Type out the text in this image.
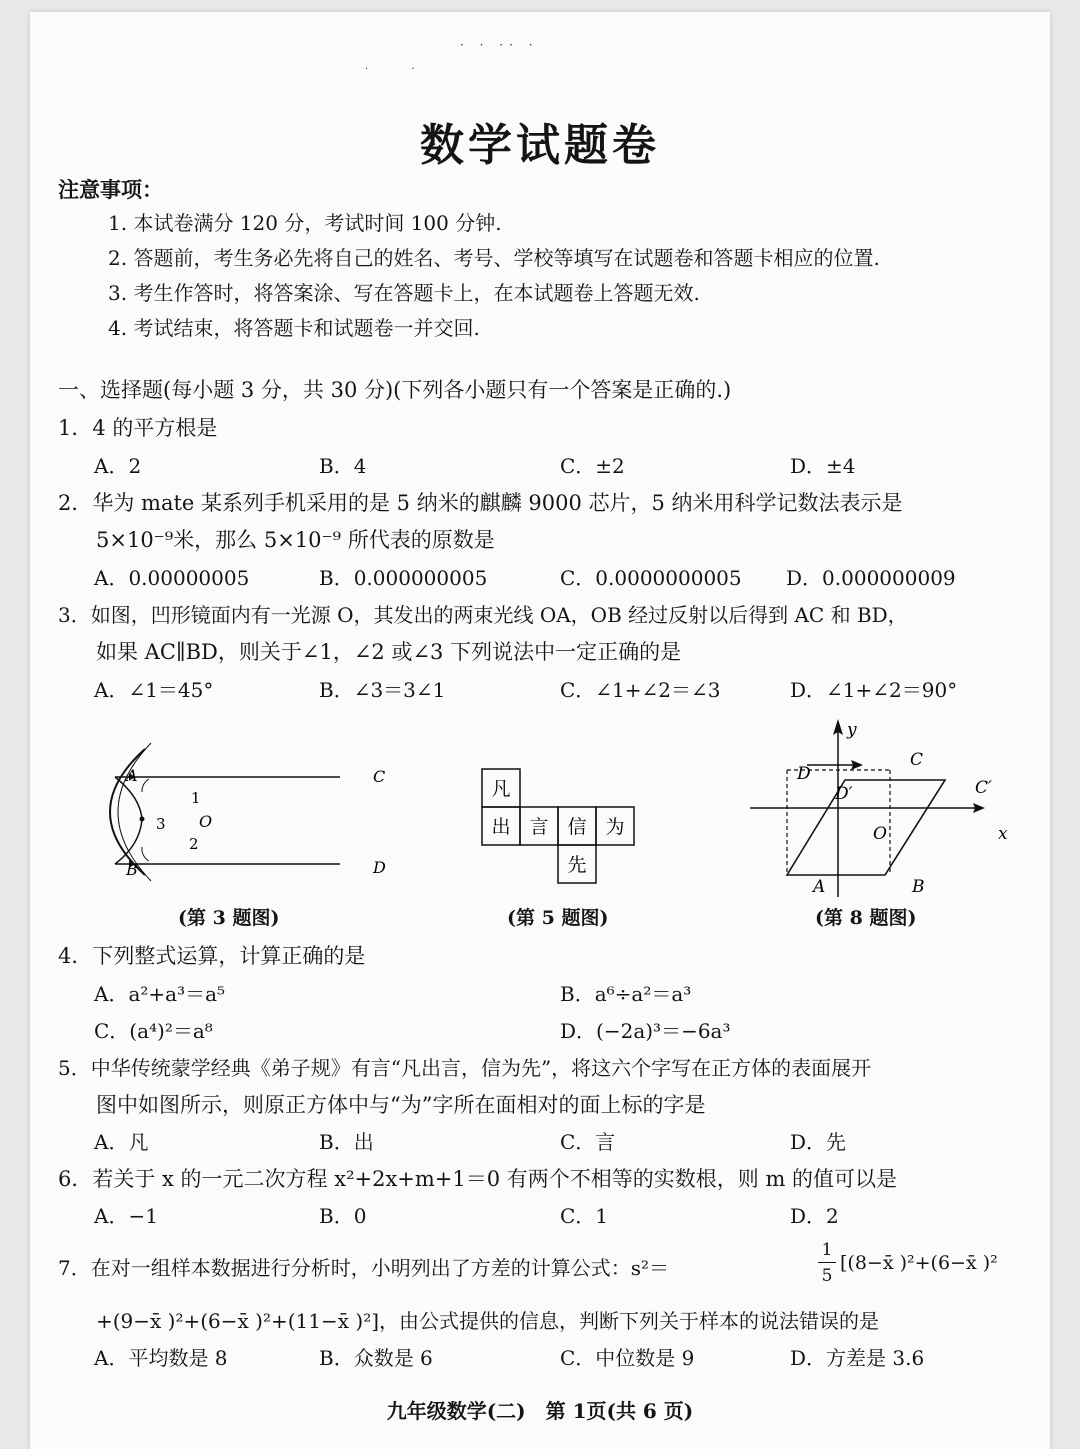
· · ·· ·
· ·
数学试题卷
注意事项：
1. 本试卷满分 120 分，考试时间 100 分钟.
2. 答题前，考生务必先将自己的姓名、考号、学校等填写在试题卷和答题卡相应的位置.
3. 考生作答时，将答案涂、写在答题卡上，在本试题卷上答题无效.
4. 考试结束，将答题卡和试题卷一并交回.
一、选择题(每小题 3 分，共 30 分)(下列各小题只有一个答案是正确的.)
1．4 的平方根是
A．2	B．4	C．±2	D．±4
2．华为 mate 某系列手机采用的是 5 纳米的麒麟 9000 芯片，5 纳米用科学记数法表示是
5×10⁻⁹米，那么 5×10⁻⁹ 所代表的原数是
A．0.00000005	B．0.000000005	C．0.0000000005 D．0.000000009
3．如图，凹形镜面内有一光源 O，其发出的两束光线 OA，OB 经过反射以后得到 AC 和 BD，
如果 AC∥BD，则关于∠1，∠2 或∠3 下列说法中一定正确的是
A．∠1＝45°	B．∠3＝3∠1	C．∠1+∠2＝∠3	D．∠1+∠2＝90°
A
B
C
D
O
1
2
3
(第 3 题图)
凡
出 言 信 为
先
(第 5 题图)
y
x
O
A	B
C
D
D′	C′
(第 8 题图)
4．下列整式运算，计算正确的是
A．a²+a³＝a⁵	B．a⁶÷a²＝a³
C．(a⁴)²＝a⁸	D．(−2a)³＝−6a³
5．中华传统蒙学经典《弟子规》有言“凡出言，信为先”，将这六个字写在正方体的表面展开
图中如图所示，则原正方体中与“为”字所在面相对的面上标的字是
A．凡	B．出	C．言	D．先
6．若关于 x 的一元二次方程 x²+2x+m+1＝0 有两个不相等的实数根，则 m 的值可以是
A．−1	B．0	C．1	D．2
7．在对一组样本数据进行分析时，小明列出了方差的计算公式：s²＝
1
5
[(8−x̄ )²+(6−x̄ )²
+(9−x̄ )²+(6−x̄ )²+(11−x̄ )²]，由公式提供的信息，判断下列关于样本的说法错误的是
A．平均数是 8	B．众数是 6	C．中位数是 9	D．方差是 3.6
九年级数学(二)　第 1页(共 6 页)
